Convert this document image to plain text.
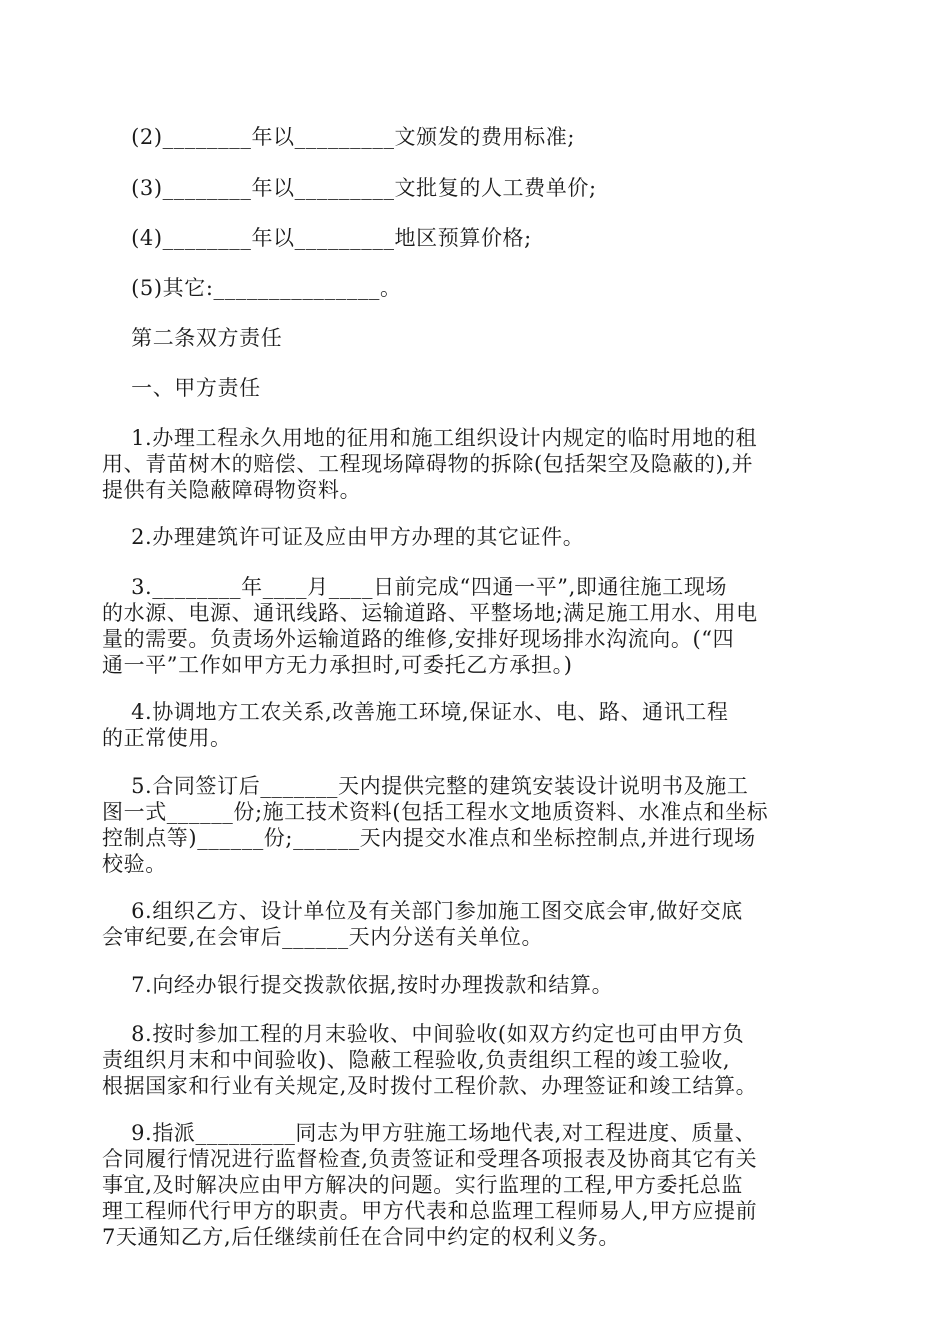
(2)________年以_________文颁发的费用标准;
(3)________年以_________文批复的人工费单价;
(4)________年以_________地区预算价格;
(5)其它:_______________。
第二条双方责任
一、甲方责任
1.办理工程永久用地的征用和施工组织设计内规定的临时用地的租
用、青苗树木的赔偿、工程现场障碍物的拆除(包括架空及隐蔽的),并
提供有关隐蔽障碍物资料。
2.办理建筑许可证及应由甲方办理的其它证件。
3.________年____月____日前完成“四通一平”,即通往施工现场
的水源、电源、通讯线路、运输道路、平整场地;满足施工用水、用电
量的需要。负责场外运输道路的维修,安排好现场排水沟流向。(“四
通一平”工作如甲方无力承担时,可委托乙方承担。)
4.协调地方工农关系,改善施工环境,保证水、电、路、通讯工程
的正常使用。
5.合同签订后_______天内提供完整的建筑安装设计说明书及施工
图一式______份;施工技术资料(包括工程水文地质资料、水准点和坐标
控制点等)______份;______天内提交水准点和坐标控制点,并进行现场
校验。
6.组织乙方、设计单位及有关部门参加施工图交底会审,做好交底
会审纪要,在会审后______天内分送有关单位。
7.向经办银行提交拨款依据,按时办理拨款和结算。
8.按时参加工程的月末验收、中间验收(如双方约定也可由甲方负
责组织月末和中间验收)、隐蔽工程验收,负责组织工程的竣工验收,
根据国家和行业有关规定,及时拨付工程价款、办理签证和竣工结算。
9.指派_________同志为甲方驻施工场地代表,对工程进度、质量、
合同履行情况进行监督检查,负责签证和受理各项报表及协商其它有关
事宜,及时解决应由甲方解决的问题。实行监理的工程,甲方委托总监
理工程师代行甲方的职责。甲方代表和总监理工程师易人,甲方应提前
7天通知乙方,后任继续前任在合同中约定的权利义务。
